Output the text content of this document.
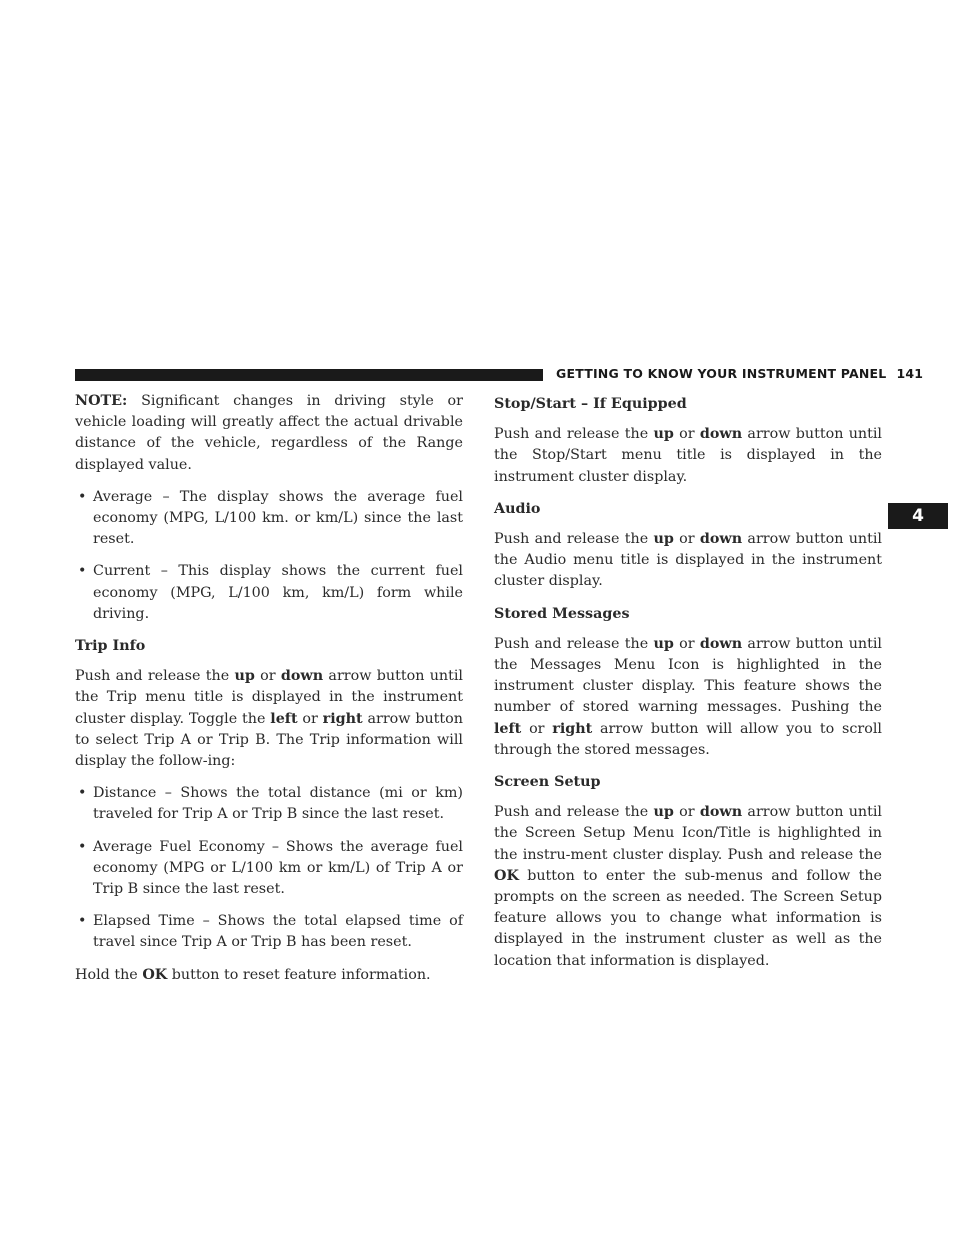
GETTING TO KNOW YOUR INSTRUMENT PANEL 141
4

NOTE: Significant changes in driving style or vehicle loading will greatly affect the actual drivable distance of the vehicle, regardless of the Range displayed value.

• Average – The display shows the average fuel economy (MPG, L/100 km. or km/L) since the last reset.
• Current – This display shows the current fuel economy (MPG, L/100 km, km/L) form while driving.
Trip Info

Push and release the up or down arrow button until the Trip menu title is displayed in the instrument cluster display. Toggle the left or right arrow button to select Trip A or Trip B. The Trip information will display the follow-ing:

• Distance – Shows the total distance (mi or km) traveled for Trip A or Trip B since the last reset.
• Average Fuel Economy – Shows the average fuel economy (MPG or L/100 km or km/L) of Trip A or Trip B since the last reset.
• Elapsed Time – Shows the total elapsed time of travel since Trip A or Trip B has been reset.

Hold the OK button to reset feature information.

Stop/Start – If Equipped

Push and release the up or down arrow button until the Stop/Start menu title is displayed in the instrument cluster display.

Audio

Push and release the up or down arrow button until the Audio menu title is displayed in the instrument cluster display.

Stored Messages

Push and release the up or down arrow button until the Messages Menu Icon is highlighted in the instrument cluster display. This feature shows the number of stored warning messages. Pushing the left or right arrow button will allow you to scroll through the stored messages.

Screen Setup

Push and release the up or down arrow button until the Screen Setup Menu Icon/Title is highlighted in the instru-ment cluster display. Push and release the OK button to enter the sub-menus and follow the prompts on the screen as needed. The Screen Setup feature allows you to change what information is displayed in the instrument cluster as well as the location that information is displayed.
